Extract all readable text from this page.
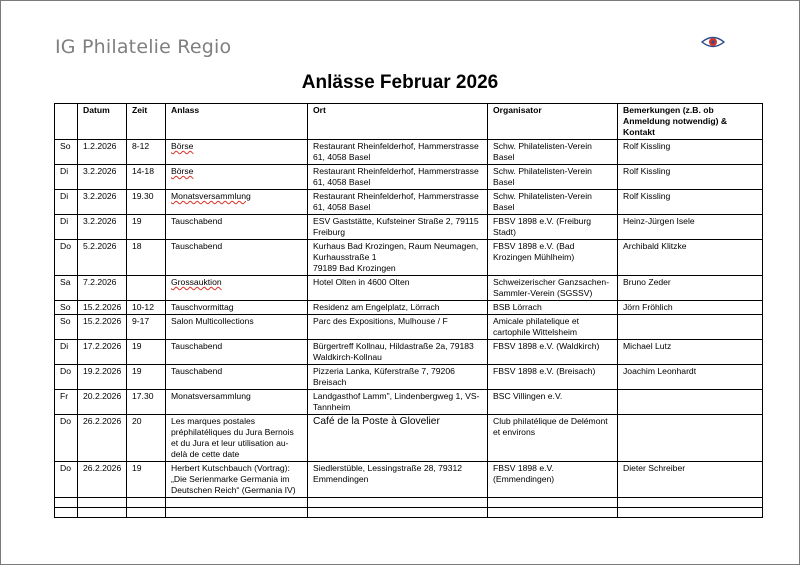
IG Philatelie Regio
Anlässe Februar 2026
	Datum	Zeit	Anlass	Ort	Organisator	Bemerkungen (z.B. ob Anmeldung notwendig) & Kontakt
So	1.2.2026	8-12	Börse	Restaurant Rheinfelderhof, Hammerstrasse 61, 4058 Basel	Schw. Philatelisten-Verein Basel	Rolf Kissling
Di	3.2.2026	14-18	Börse	Restaurant Rheinfelderhof, Hammerstrasse 61, 4058 Basel	Schw. Philatelisten-Verein Basel	Rolf Kissling
Di	3.2.2026	19.30	Monatsversammlung	Restaurant Rheinfelderhof, Hammerstrasse 61, 4058 Basel	Schw. Philatelisten-Verein Basel	Rolf Kissling
Di	3.2.2026	19	Tauschabend	ESV Gaststätte, Kufsteiner Straße 2, 79115 Freiburg	FBSV 1898 e.V. (Freiburg Stadt)	Heinz-Jürgen Isele
Do	5.2.2026	18	Tauschabend	Kurhaus Bad Krozingen, Raum Neumagen, Kurhausstraße 1
79189 Bad Krozingen	FBSV 1898 e.V. (Bad Krozingen Mühlheim)	Archibald Klitzke
Sa	7.2.2026		Grossauktion	Hotel Olten in 4600 Olten	Schweizerischer Ganzsachen-Sammler-Verein (SGSSV)	Bruno Zeder
So	15.2.2026	10-12	Tauschvormittag	Residenz am Engelplatz, Lörrach	BSB Lörrach	Jörn Fröhlich
So	15.2.2026	9-17	Salon Multicollections	Parc des Expositions, Mulhouse / F	Amicale philatelique et cartophile Wittelsheim	
Di	17.2.2026	19	Tauschabend	Bürgertreff Kollnau, Hildastraße 2a, 79183 Waldkirch-Kollnau	FBSV 1898 e.V. (Waldkirch)	Michael Lutz
Do	19.2.2026	19	Tauschabend	Pizzeria Lanka, Küferstraße 7, 79206 Breisach	FBSV 1898 e.V. (Breisach)	Joachim Leonhardt
Fr	20.2.2026	17.30	Monatsversammlung	Landgasthof Lamm", Lindenbergweg 1, VS-Tannheim	BSC Villingen e.V.	
Do	26.2.2026	20	Les marques postales préphilatéliques du Jura Bernois et du Jura et leur utilisation au-delà de cette date	Café de la Poste à Glovelier	Club philatélique de Delémont et environs	
Do	26.2.2026	19	Herbert Kutschbauch (Vortrag): „Die Serienmarke Germania im Deutschen Reich“ (Germania IV)	Siedlerstüble, Lessingstraße 28, 79312 Emmendingen	FBSV 1898 e.V. (Emmendingen)	Dieter Schreiber
